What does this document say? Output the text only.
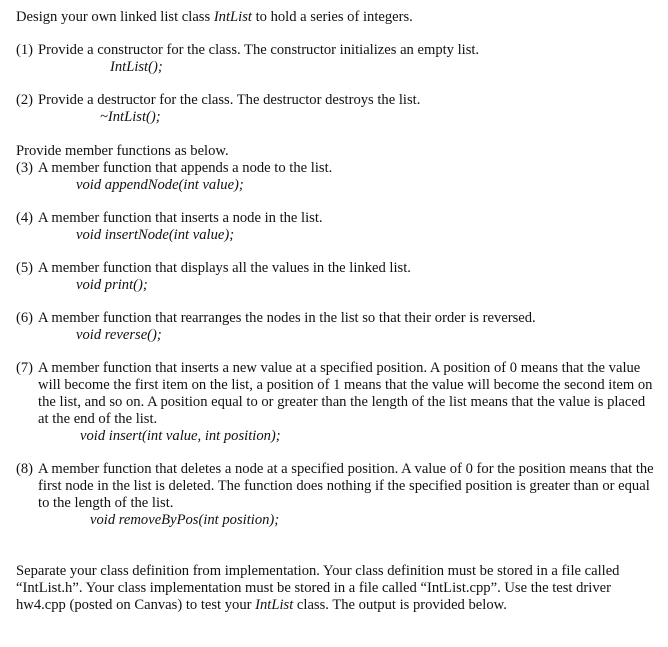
Design your own linked list class IntList to hold a series of integers.

(1) Provide a constructor for the class. The constructor initializes an empty list.
IntList();
(2) Provide a destructor for the class. The destructor destroys the list.
~IntList();

Provide member functions as below.

(3) A member function that appends a node to the list.
void appendNode(int value);
(4) A member function that inserts a node in the list.
void insertNode(int value);
(5) A member function that displays all the values in the linked list.
void print();
(6) A member function that rearranges the nodes in the list so that their order is reversed.
void reverse();
(7) A member function that inserts a new value at a specified position. A position of 0 means that the value will become the first item on the list, a position of 1 means that the value will become the second item on the list, and so on. A position equal to or greater than the length of the list means that the value is placed at the end of the list.
void insert(int value, int position);
(8) A member function that deletes a node at a specified position. A value of 0 for the position means that the first node in the list is deleted. The function does nothing if the specified position is greater than or equal to the length of the list.
void removeByPos(int position);

Separate your class definition from implementation. Your class definition must be stored in a file called “IntList.h”. Your class implementation must be stored in a file called “IntList.cpp”. Use the test driver hw4.cpp (posted on Canvas) to test your IntList class. The output is provided below.
